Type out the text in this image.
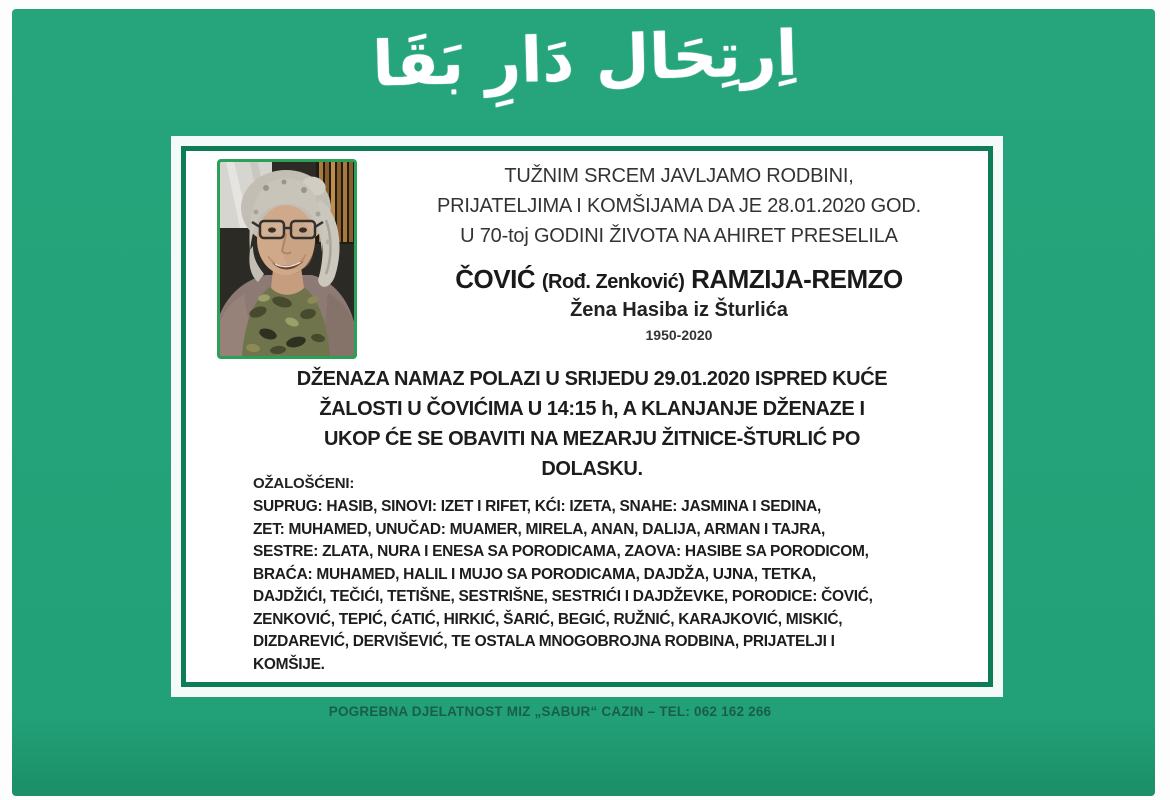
اِرتِحَال دَارِ بَقَا
TUŽNIM SRCEM JAVLJAMO RODBINI,
PRIJATELJIMA I KOMŠIJAMA DA JE 28.01.2020 GOD.
U 70-toj GODINI ŽIVOTA NA AHIRET PRESELILA
ČOVIĆ (Rođ. Zenković) RAMZIJA-REMZO
Žena Hasiba iz Šturlića
1950-2020
DŽENAZA NAMAZ POLAZI U SRIJEDU 29.01.2020 ISPRED KUĆE
ŽALOSTI U ČOVIĆIMA U 14:15 h, A KLANJANJE DŽENAZE I
UKOP ĆE SE OBAVITI NA MEZARJU ŽITNICE-ŠTURLIĆ PO
DOLASKU.
OŽALOŠĆENI:
SUPRUG: HASIB, SINOVI: IZET I RIFET, KĆI: IZETA, SNAHE: JASMINA I SEDINA,
ZET: MUHAMED, UNUČAD: MUAMER, MIRELA, ANAN, DALIJA, ARMAN I TAJRA,
SESTRE: ZLATA, NURA I ENESA SA PORODICAMA, ZAOVA: HASIBE SA PORODICOM,
BRAĆA: MUHAMED, HALIL I MUJO SA PORODICAMA, DAJDŽA, UJNA, TETKA,
DAJDŽIĆI, TEČIĆI, TETIŠNE, SESTRIŠNE, SESTRIĆI I DAJDŽEVKE, PORODICE: ČOVIĆ,
ZENKOVIĆ, TEPIĆ, ĆATIĆ, HIRKIĆ, ŠARIĆ, BEGIĆ, RUŽNIĆ, KARAJKOVIĆ, MISKIĆ,
DIZDAREVIĆ, DERVIŠEVIĆ, TE OSTALA MNOGOBROJNA RODBINA, PRIJATELJI I
KOMŠIJE.
POGREBNA DJELATNOST MIZ „SABUR“ CAZIN – TEL: 062 162 266
